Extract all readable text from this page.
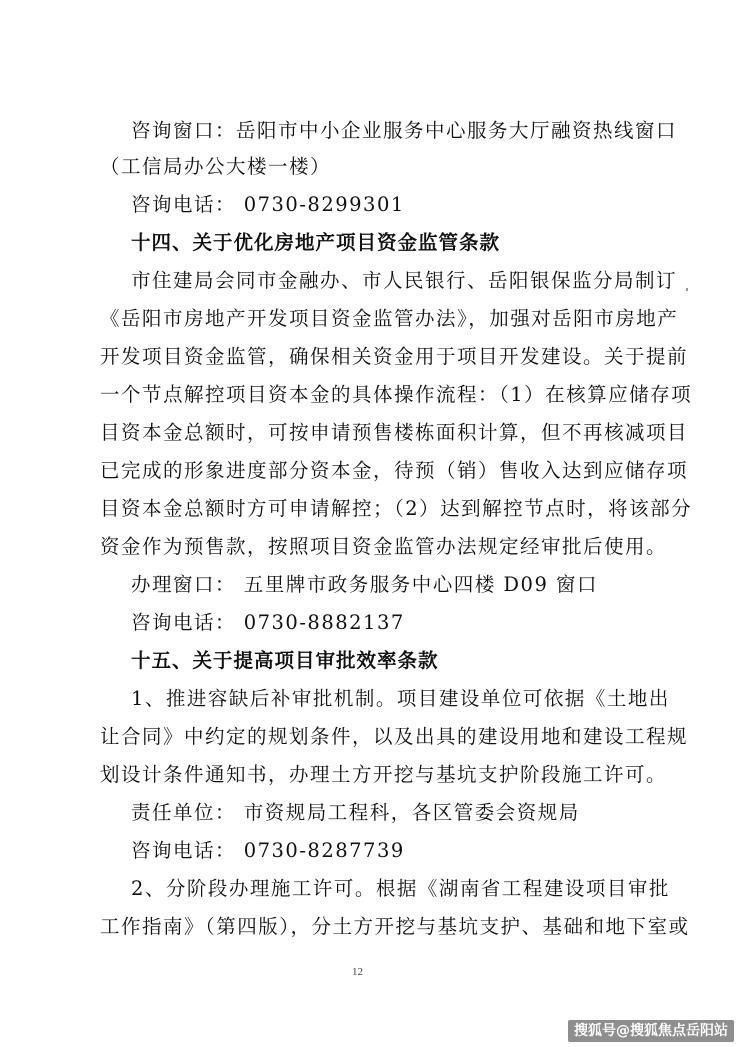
咨询窗口：岳阳市中小企业服务中心服务大厅融资热线窗口
（工信局办公大楼一楼）
咨询电话： 0730-8299301
十四、关于优化房地产项目资金监管条款
市住建局会同市金融办、市人民银行、岳阳银保监分局制订
《岳阳市房地产开发项目资金监管办法》，加强对岳阳市房地产
开发项目资金监管，确保相关资金用于项目开发建设。关于提前
一个节点解控项目资本金的具体操作流程：（1）在核算应储存项
目资本金总额时，可按申请预售楼栋面积计算，但不再核减项目
已完成的形象进度部分资本金，待预（销）售收入达到应储存项
目资本金总额时方可申请解控；（2）达到解控节点时，将该部分
资金作为预售款，按照项目资金监管办法规定经审批后使用。
办理窗口： 五里牌市政务服务中心四楼 D09 窗口
咨询电话： 0730-8882137
十五、关于提高项目审批效率条款
1、推进容缺后补审批机制。项目建设单位可依据《土地出
让合同》中约定的规划条件，以及出具的建设用地和建设工程规
划设计条件通知书，办理土方开挖与基坑支护阶段施工许可。
责任单位： 市资规局工程科，各区管委会资规局
咨询电话： 0730-8287739
2、分阶段办理施工许可。根据《湖南省工程建设项目审批
工作指南》（第四版），分土方开挖与基坑支护、基础和地下室或
12
搜狐号@搜狐焦点岳阳站
